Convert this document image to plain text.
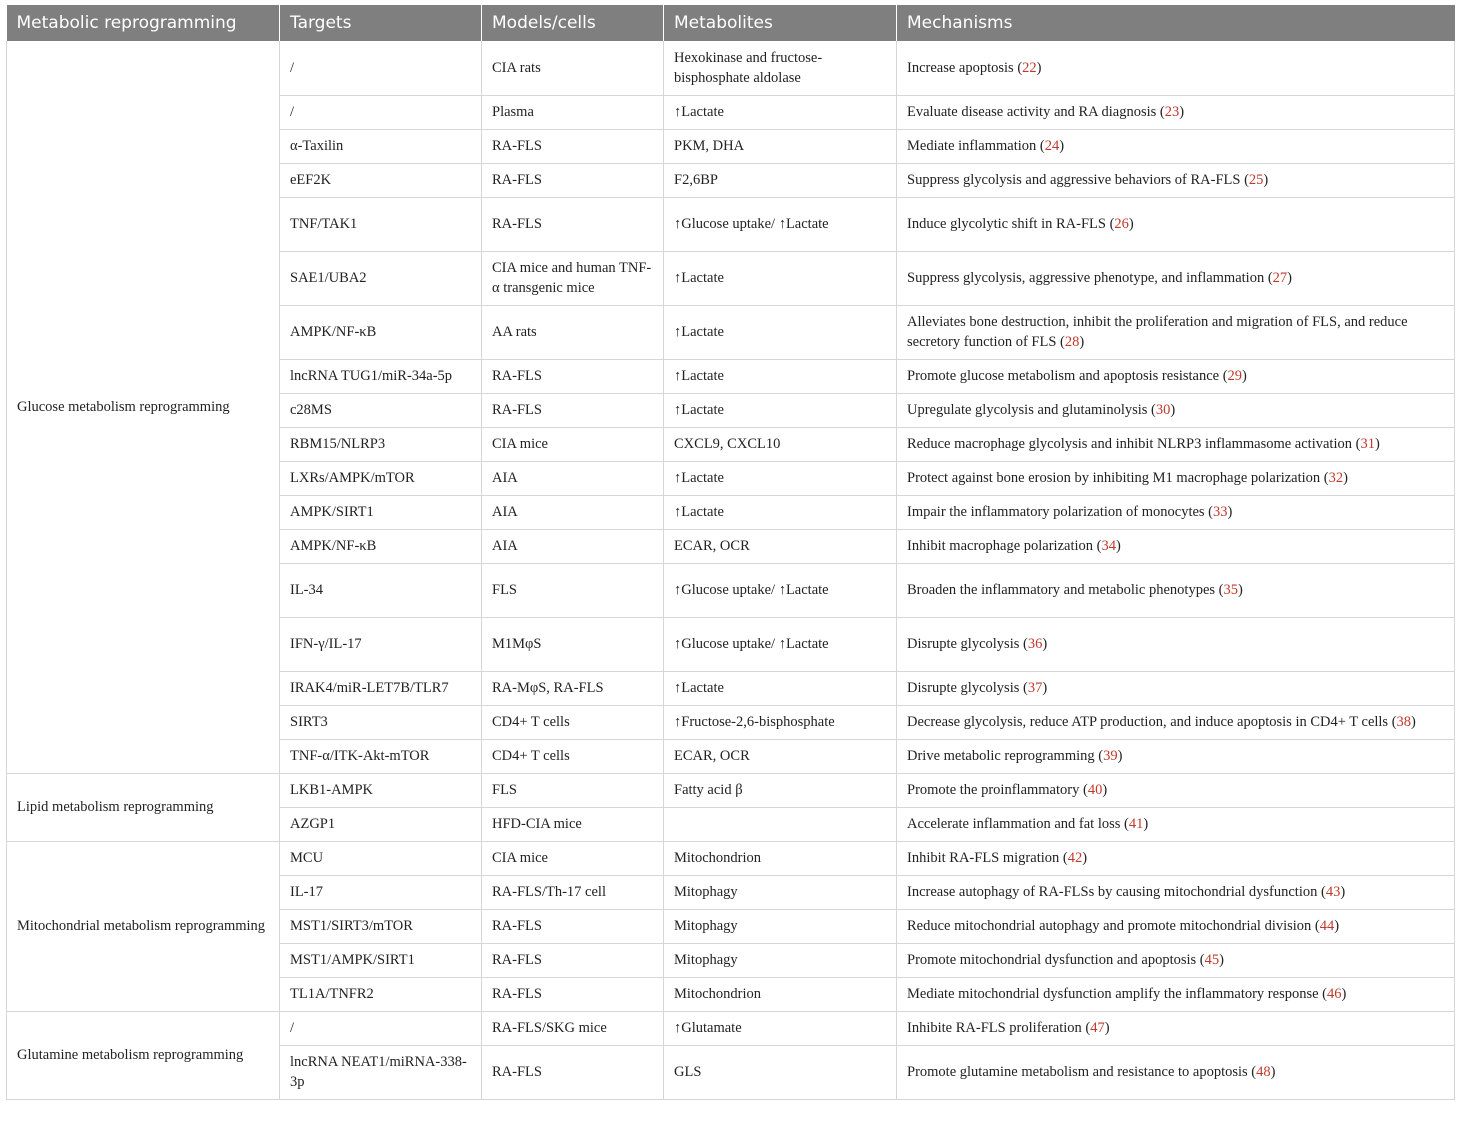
Metabolic reprogramming	Targets	Models/cells	Metabolites	Mechanisms
Glucose metabolism reprogramming	/	CIA rats	Hexokinase and fructose-bisphosphate aldolase	Increase apoptosis (22)
	/	Plasma	↑Lactate	Evaluate disease activity and RA diagnosis (23)
	α-Taxilin	RA-FLS	PKM, DHA	Mediate inflammation (24)
	eEF2K	RA-FLS	F2,6BP	Suppress glycolysis and aggressive behaviors of RA-FLS (25)
	TNF/TAK1	RA-FLS	↑Glucose uptake/ ↑Lactate	Induce glycolytic shift in RA-FLS (26)
	SAE1/UBA2	CIA mice and human TNF-α transgenic mice	↑Lactate	Suppress glycolysis, aggressive phenotype, and inflammation (27)
	AMPK/NF-κB	AA rats	↑Lactate	Alleviates bone destruction, inhibit the proliferation and migration of FLS, and reduce secretory function of FLS (28)
	lncRNA TUG1/miR-34a-5p	RA-FLS	↑Lactate	Promote glucose metabolism and apoptosis resistance (29)
	c28MS	RA-FLS	↑Lactate	Upregulate glycolysis and glutaminolysis (30)
	RBM15/NLRP3	CIA mice	CXCL9, CXCL10	Reduce macrophage glycolysis and inhibit NLRP3 inflammasome activation (31)
	LXRs/AMPK/mTOR	AIA	↑Lactate	Protect against bone erosion by inhibiting M1 macrophage polarization (32)
	AMPK/SIRT1	AIA	↑Lactate	Impair the inflammatory polarization of monocytes (33)
	AMPK/NF-κB	AIA	ECAR, OCR	Inhibit macrophage polarization (34)
	IL-34	FLS	↑Glucose uptake/ ↑Lactate	Broaden the inflammatory and metabolic phenotypes (35)
	IFN-γ/IL-17	M1MφS	↑Glucose uptake/ ↑Lactate	Disrupte glycolysis (36)
	IRAK4/miR-LET7B/TLR7	RA-MφS, RA-FLS	↑Lactate	Disrupte glycolysis (37)
	SIRT3	CD4+ T cells	↑Fructose-2,6-bisphosphate	Decrease glycolysis, reduce ATP production, and induce apoptosis in CD4+ T cells (38)
	TNF-α/ITK-Akt-mTOR	CD4+ T cells	ECAR, OCR	Drive metabolic reprogramming (39)
Lipid metabolism reprogramming	LKB1-AMPK	FLS	Fatty acid β	Promote the proinflammatory (40)
	AZGP1	HFD-CIA mice		Accelerate inflammation and fat loss (41)
Mitochondrial metabolism reprogramming	MCU	CIA mice	Mitochondrion	Inhibit RA-FLS migration (42)
	IL-17	RA-FLS/Th-17 cell	Mitophagy	Increase autophagy of RA-FLSs by causing mitochondrial dysfunction (43)
	MST1/SIRT3/mTOR	RA-FLS	Mitophagy	Reduce mitochondrial autophagy and promote mitochondrial division (44)
	MST1/AMPK/SIRT1	RA-FLS	Mitophagy	Promote mitochondrial dysfunction and apoptosis (45)
	TL1A/TNFR2	RA-FLS	Mitochondrion	Mediate mitochondrial dysfunction amplify the inflammatory response (46)
Glutamine metabolism reprogramming	/	RA-FLS/SKG mice	↑Glutamate	Inhibite RA-FLS proliferation (47)
	lncRNA NEAT1/miRNA-338-3p	RA-FLS	GLS	Promote glutamine metabolism and resistance to apoptosis (48)
